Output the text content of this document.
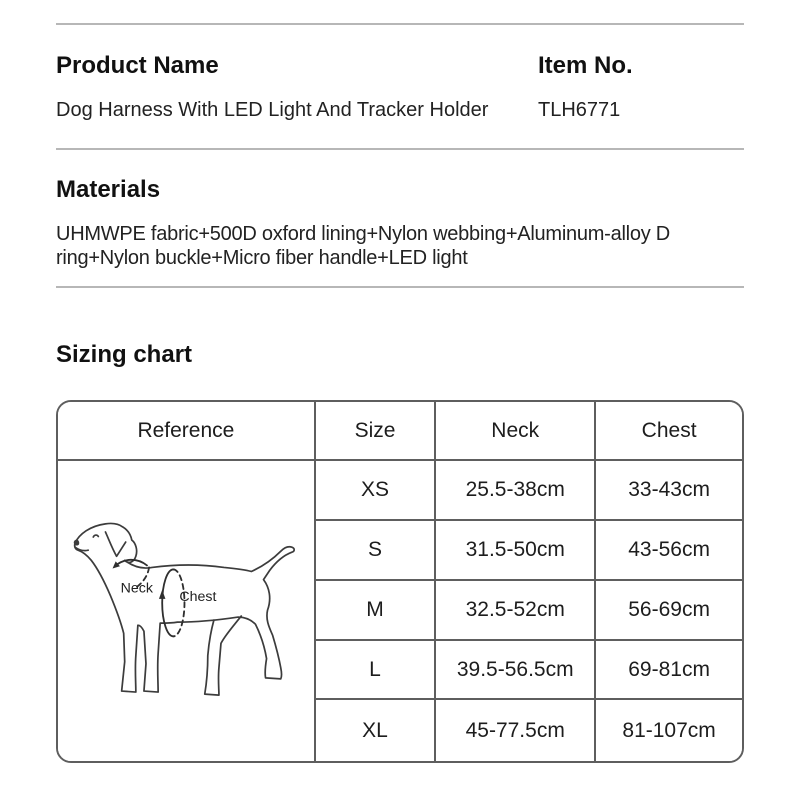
Product Name

Dog Harness With LED Light And Tracker Holder

Item No.

TLH6771

Materials

UHMWPE fabric+500D oxford lining+Nylon webbing+Aluminum-alloy D ring+Nylon buckle+Micro fiber handle+LED light

Sizing chart
Reference	Size	Neck	Chest
Neck
Chest
XS	25.5-38cm	33-43cm
S	31.5-50cm	43-56cm
M	32.5-52cm	56-69cm
L	39.5-56.5cm	69-81cm
XL	45-77.5cm	81-107cm
